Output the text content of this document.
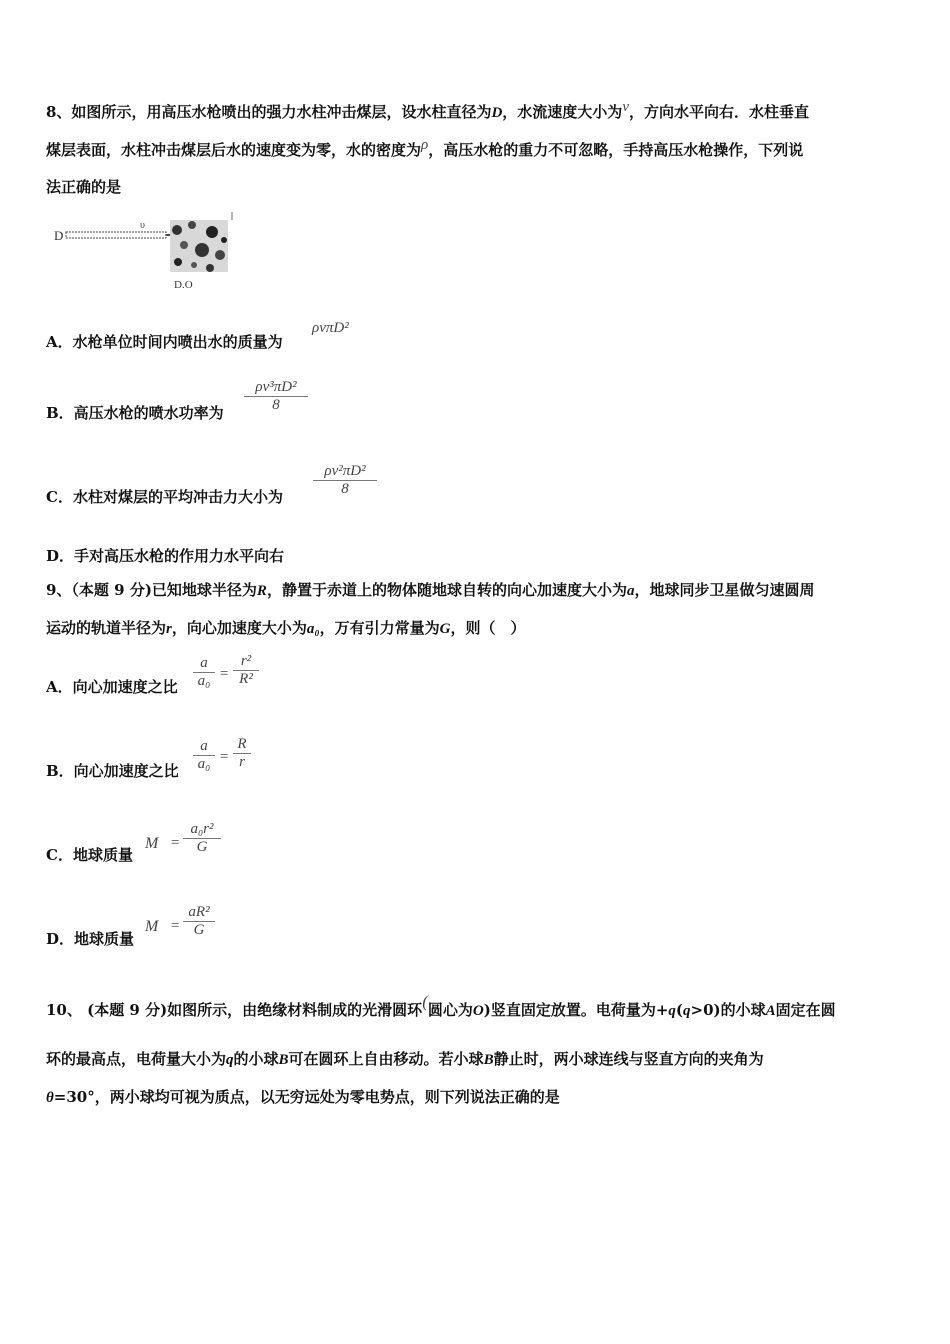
8、如图所示，用高压水枪喷出的强力水柱冲击煤层，设水柱直径为D，水流速度大小为v，方向水平向右．水柱垂直
煤层表面，水柱冲击煤层后水的速度变为零，水的密度为ρ，高压水枪的重力不可忽略，手持高压水枪操作，下列说
法正确的是
D
υ
D.O
A．水枪单位时间内喷出水的质量为
ρvπD²
B．高压水枪的喷水功率为
ρv³πD²
8
C．水柱对煤层的平均冲击力大小为
ρv²πD²
8
D．手对高压水枪的作用力水平向右
9、（本题 9 分)已知地球半径为R，静置于赤道上的物体随地球自转的向心加速度大小为a，地球同步卫星做匀速圆周
运动的轨道半径为r，向心加速度大小为a₀，万有引力常量为G，则（　）
A．向心加速度之比
a
a₀ =
r²
R²
B．向心加速度之比
a
a₀ =
R
r
C．地球质量
M =
a₀r²
G
D．地球质量
M =
aR²
G
10、 (本题 9 分)如图所示，由绝缘材料制成的光滑圆环(圆心为O)竖直固定放置。电荷量为+q(q>0)的小球A固定在圆
环的最高点，电荷量大小为q的小球B可在圆环上自由移动。若小球B静止时，两小球连线与竖直方向的夹角为
θ=30°，两小球均可视为质点，以无穷远处为零电势点，则下列说法正确的是
